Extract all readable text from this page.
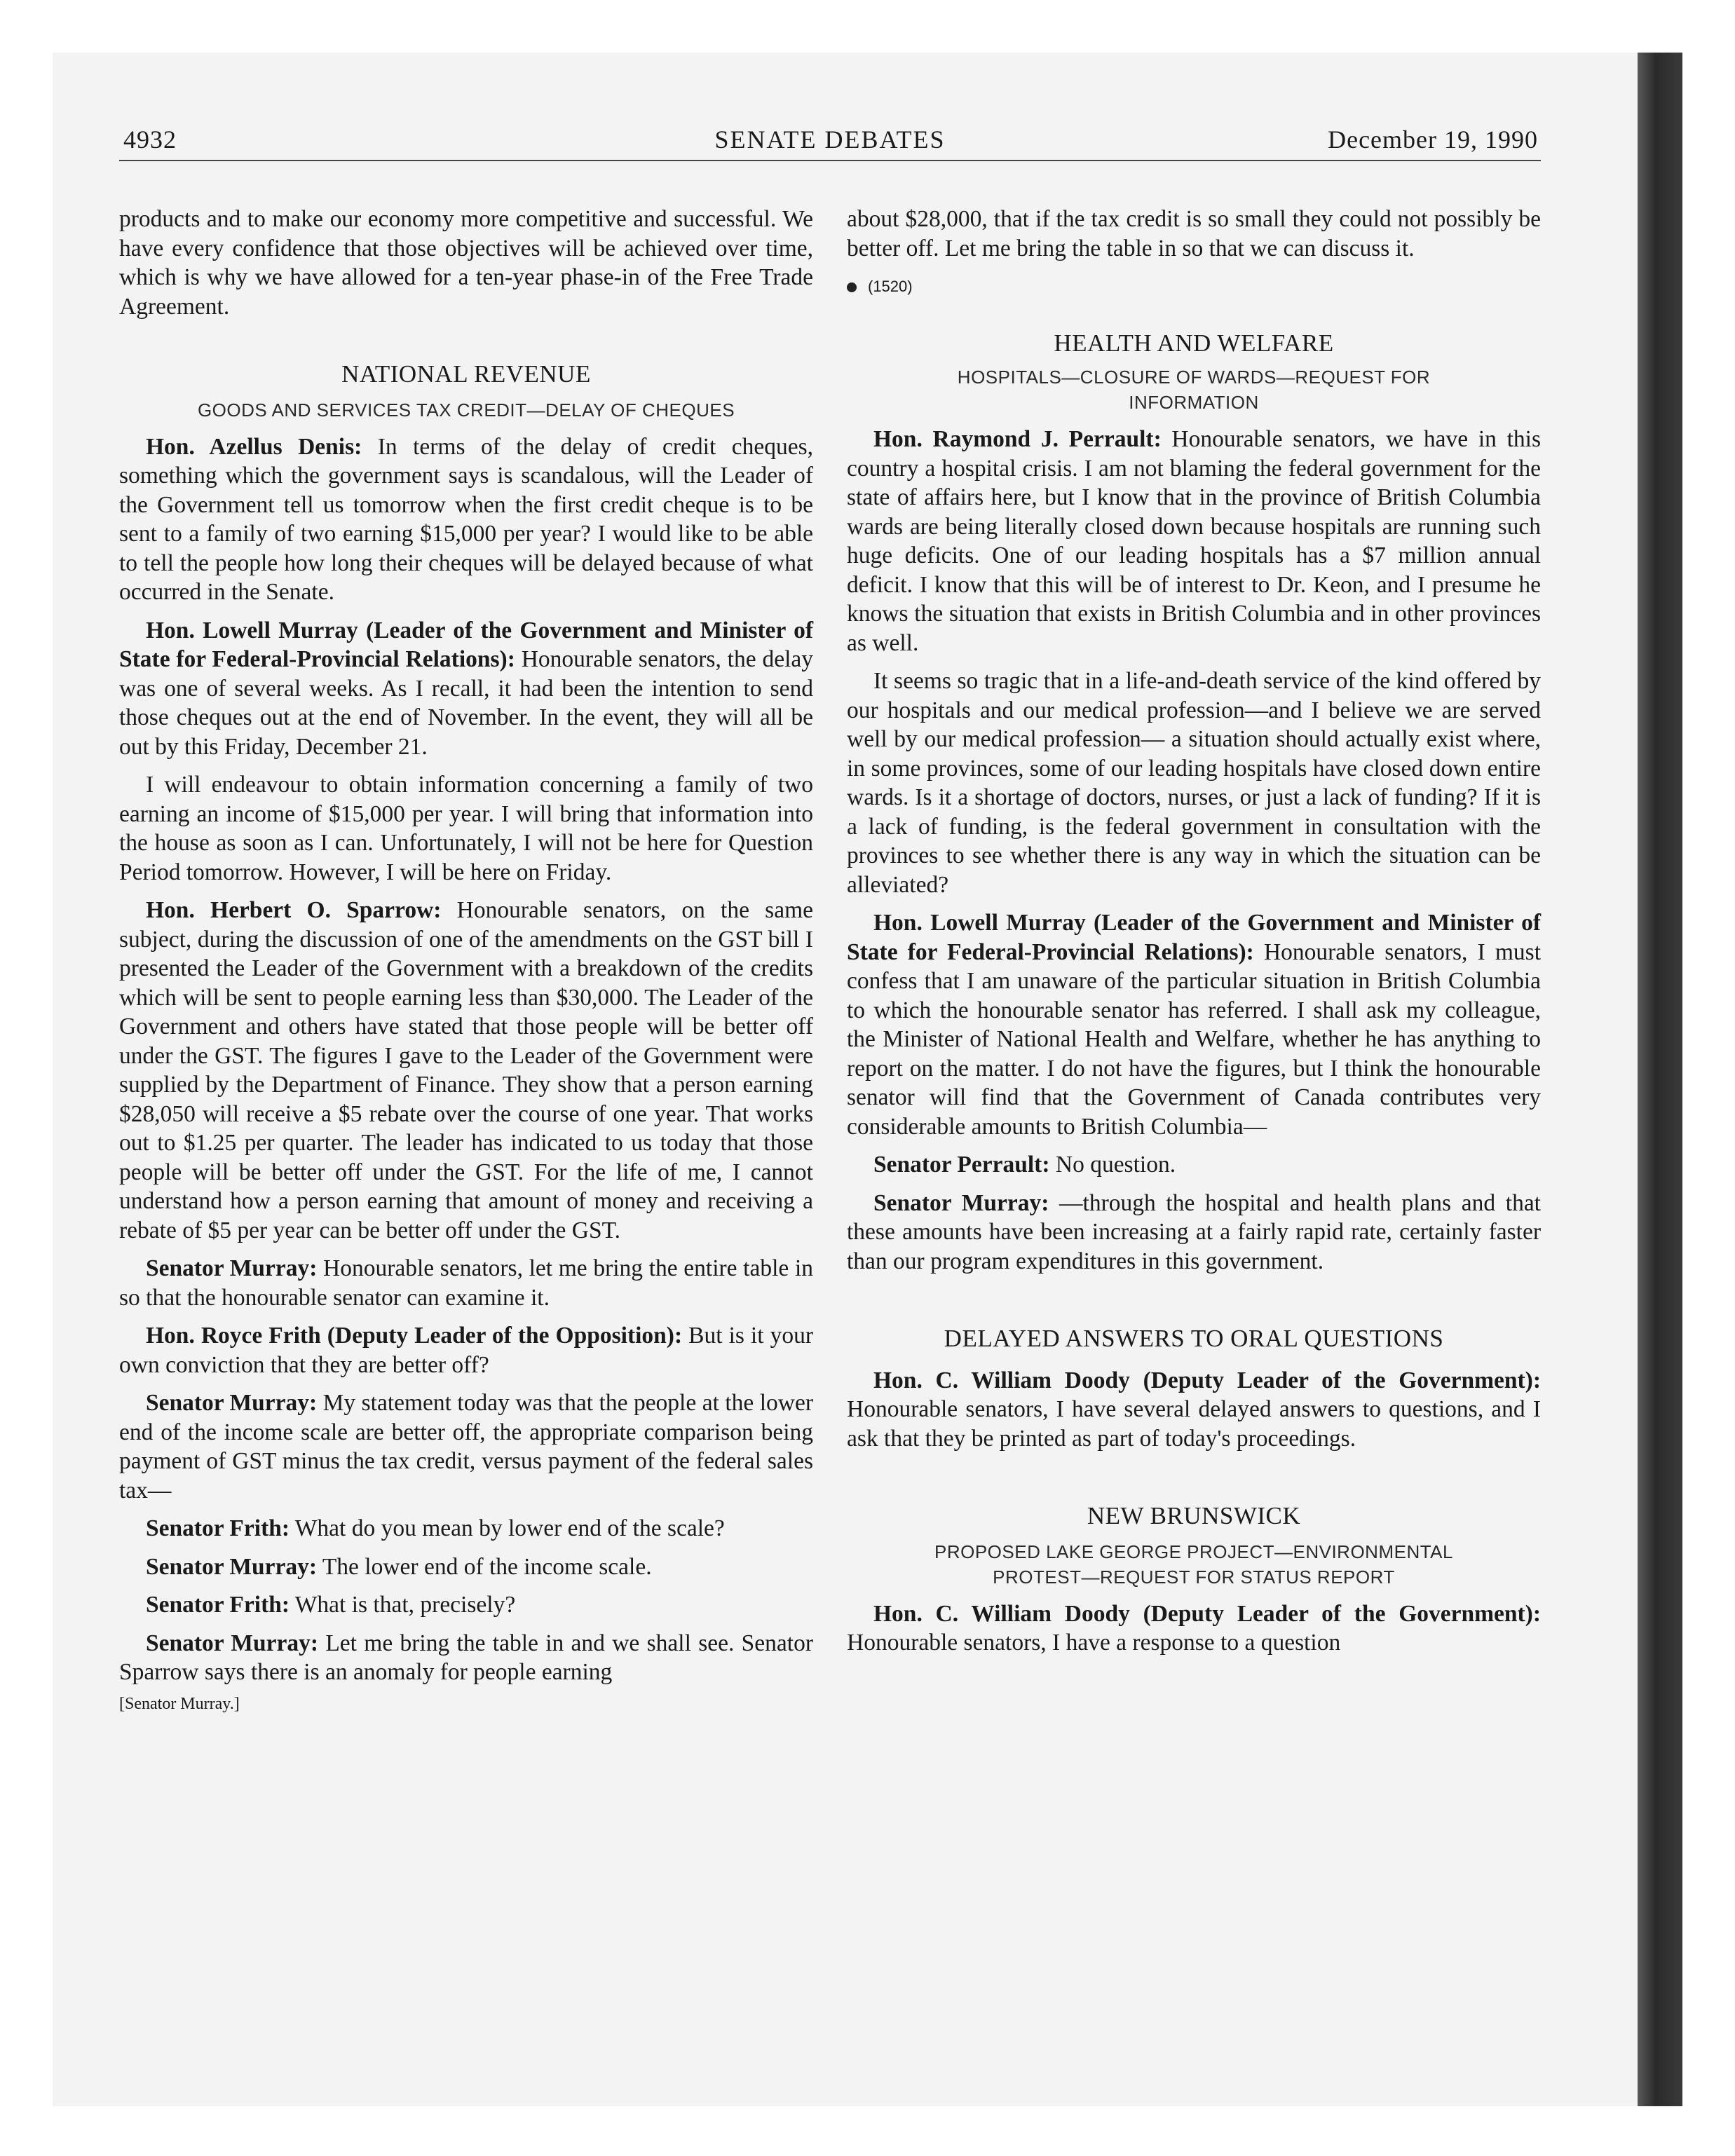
4932	SENATE DEBATES	December 19, 1990

products and to make our economy more competitive and successful. We have every confidence that those objectives will be achieved over time, which is why we have allowed for a ten-year phase-in of the Free Trade Agreement.

NATIONAL REVENUE
GOODS AND SERVICES TAX CREDIT—DELAY OF CHEQUES

Hon. Azellus Denis: In terms of the delay of credit cheques, something which the government says is scandalous, will the Leader of the Government tell us tomorrow when the first credit cheque is to be sent to a family of two earning $15,000 per year? I would like to be able to tell the people how long their cheques will be delayed because of what occurred in the Senate.

Hon. Lowell Murray (Leader of the Government and Minister of State for Federal-Provincial Relations): Honourable senators, the delay was one of several weeks. As I recall, it had been the intention to send those cheques out at the end of November. In the event, they will all be out by this Friday, December 21.

I will endeavour to obtain information concerning a family of two earning an income of $15,000 per year. I will bring that information into the house as soon as I can. Unfortunately, I will not be here for Question Period tomorrow. However, I will be here on Friday.

Hon. Herbert O. Sparrow: Honourable senators, on the same subject, during the discussion of one of the amendments on the GST bill I presented the Leader of the Government with a breakdown of the credits which will be sent to people earning less than $30,000. The Leader of the Government and others have stated that those people will be better off under the GST. The figures I gave to the Leader of the Government were supplied by the Department of Finance. They show that a person earning $28,050 will receive a $5 rebate over the course of one year. That works out to $1.25 per quarter. The leader has indicated to us today that those people will be better off under the GST. For the life of me, I cannot understand how a person earning that amount of money and receiving a rebate of $5 per year can be better off under the GST.

Senator Murray: Honourable senators, let me bring the entire table in so that the honourable senator can examine it.

Hon. Royce Frith (Deputy Leader of the Opposition): But is it your own conviction that they are better off?

Senator Murray: My statement today was that the people at the lower end of the income scale are better off, the appropriate comparison being payment of GST minus the tax credit, versus payment of the federal sales tax—

Senator Frith: What do you mean by lower end of the scale?

Senator Murray: The lower end of the income scale.

Senator Frith: What is that, precisely?

Senator Murray: Let me bring the table in and we shall see. Senator Sparrow says there is an anomaly for people earning

[Senator Murray.]

about $28,000, that if the tax credit is so small they could not possibly be better off. Let me bring the table in so that we can discuss it.

(1520)

HEALTH AND WELFARE
HOSPITALS—CLOSURE OF WARDS—REQUEST FOR INFORMATION

Hon. Raymond J. Perrault: Honourable senators, we have in this country a hospital crisis. I am not blaming the federal government for the state of affairs here, but I know that in the province of British Columbia wards are being literally closed down because hospitals are running such huge deficits. One of our leading hospitals has a $7 million annual deficit. I know that this will be of interest to Dr. Keon, and I presume he knows the situation that exists in British Columbia and in other provinces as well.

It seems so tragic that in a life-and-death service of the kind offered by our hospitals and our medical profession—and I believe we are served well by our medical profession— a situation should actually exist where, in some provinces, some of our leading hospitals have closed down entire wards. Is it a shortage of doctors, nurses, or just a lack of funding? If it is a lack of funding, is the federal government in consultation with the provinces to see whether there is any way in which the situation can be alleviated?

Hon. Lowell Murray (Leader of the Government and Minister of State for Federal-Provincial Relations): Honourable senators, I must confess that I am unaware of the particular situation in British Columbia to which the honourable senator has referred. I shall ask my colleague, the Minister of National Health and Welfare, whether he has anything to report on the matter. I do not have the figures, but I think the honourable senator will find that the Government of Canada contributes very considerable amounts to British Columbia—

Senator Perrault: No question.

Senator Murray: —through the hospital and health plans and that these amounts have been increasing at a fairly rapid rate, certainly faster than our program expenditures in this government.

DELAYED ANSWERS TO ORAL QUESTIONS

Hon. C. William Doody (Deputy Leader of the Government): Honourable senators, I have several delayed answers to questions, and I ask that they be printed as part of today's proceedings.

NEW BRUNSWICK
PROPOSED LAKE GEORGE PROJECT—ENVIRONMENTAL PROTEST—REQUEST FOR STATUS REPORT

Hon. C. William Doody (Deputy Leader of the Government): Honourable senators, I have a response to a question
